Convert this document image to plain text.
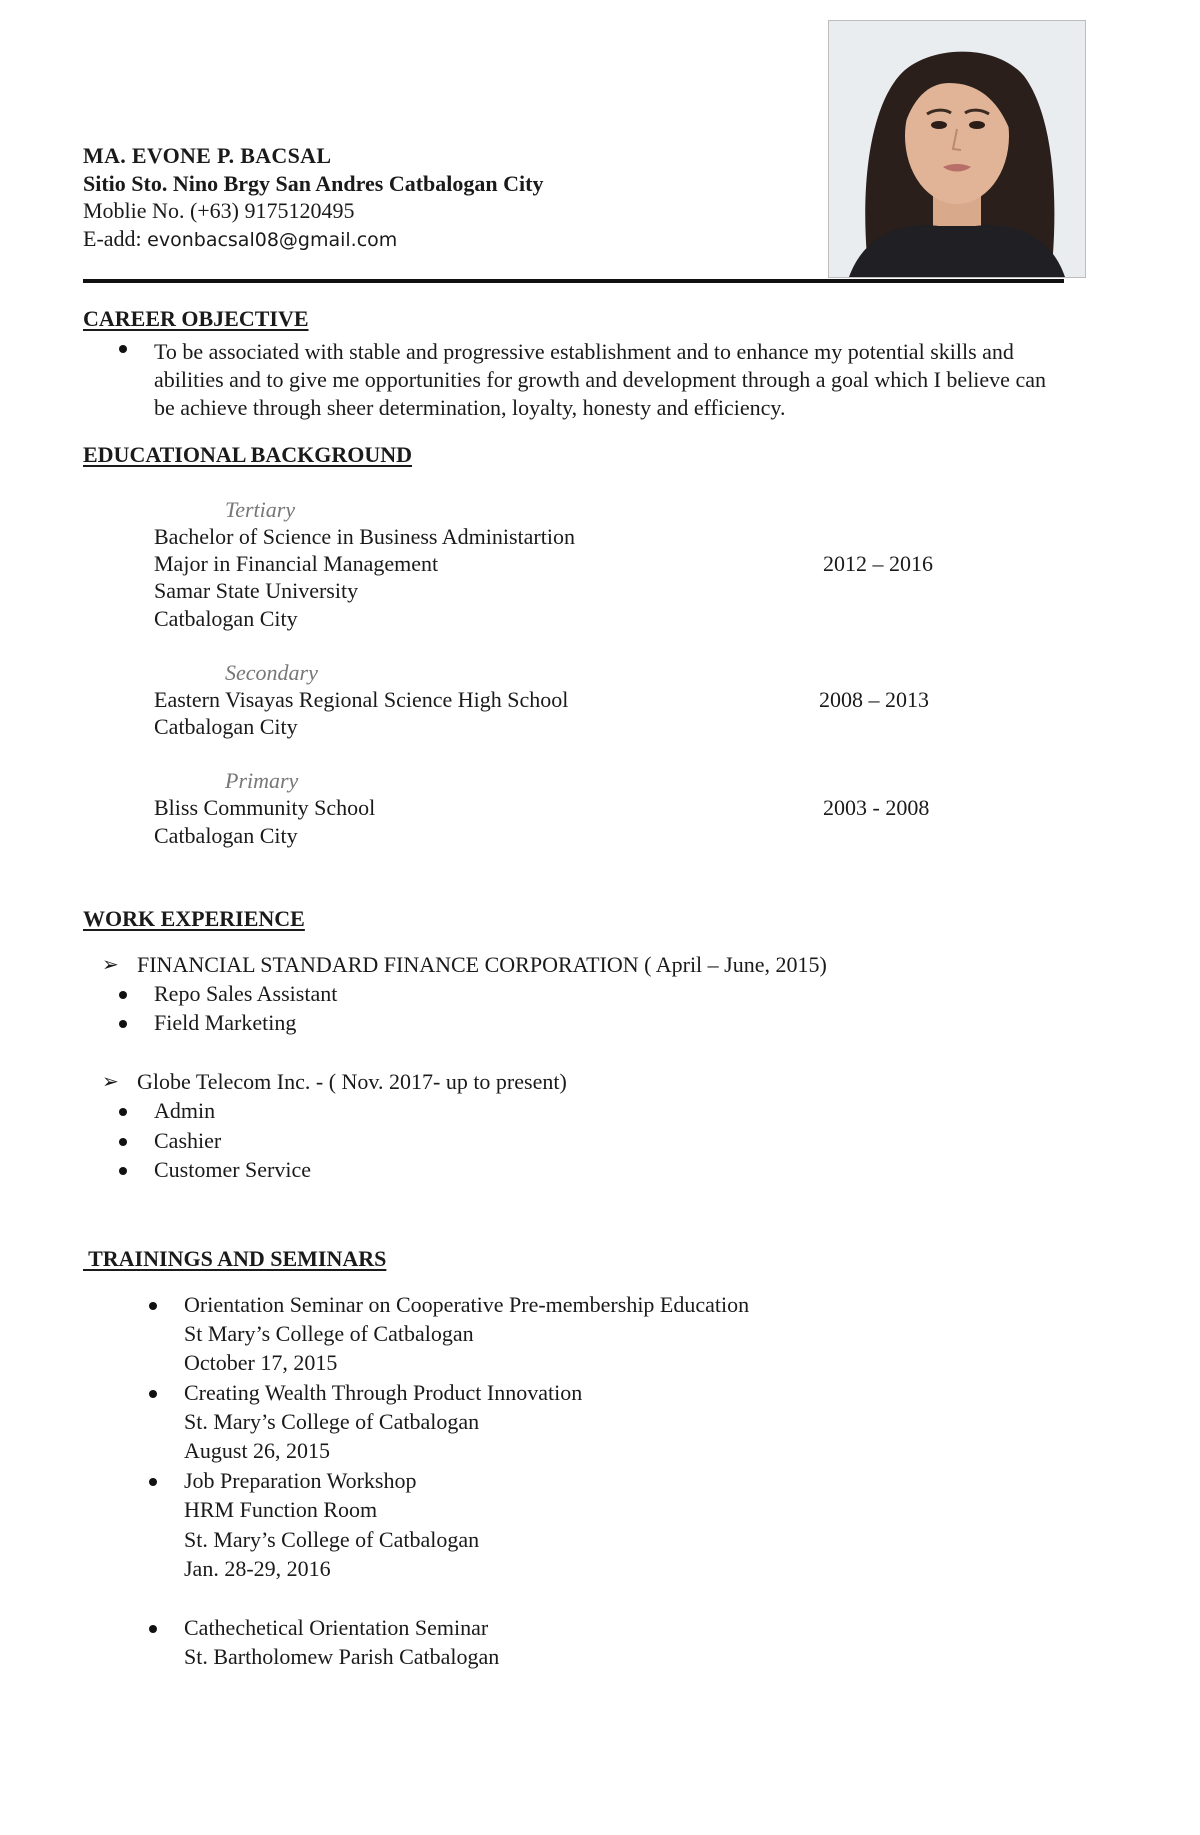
MA. EVONE P. BACSAL
Sitio Sto. Nino Brgy San Andres Catbalogan City
Moblie No. (+63) 9175120495
E-add: evonbacsal08@gmail.com
CAREER OBJECTIVE
To be associated with stable and progressive establishment and to enhance my potential skills and abilities and to give me opportunities for growth and development through a goal which I believe can be achieve through sheer determination, loyalty, honesty and efficiency.
EDUCATIONAL BACKGROUND
Tertiary
Bachelor of Science in Business Administartion
Major in Financial Management	2012 – 2016
Samar State University
Catbalogan City
Secondary
Eastern Visayas Regional Science High School	2008 – 2013
Catbalogan City
Primary
Bliss Community School	2003 - 2008
Catbalogan City
WORK EXPERIENCE
➢ FINANCIAL STANDARD FINANCE CORPORATION ( April – June, 2015)
Repo Sales Assistant
Field Marketing
➢ Globe Telecom Inc. - ( Nov. 2017- up to present)
Admin
Cashier
Customer Service
TRAININGS AND SEMINARS
Orientation Seminar on Cooperative Pre-membership Education
St Mary’s College of Catbalogan
October 17, 2015
Creating Wealth Through Product Innovation
St. Mary’s College of Catbalogan
August 26, 2015
Job Preparation Workshop
HRM Function Room
St. Mary’s College of Catbalogan
Jan. 28-29, 2016
Cathechetical Orientation Seminar
St. Bartholomew Parish Catbalogan
